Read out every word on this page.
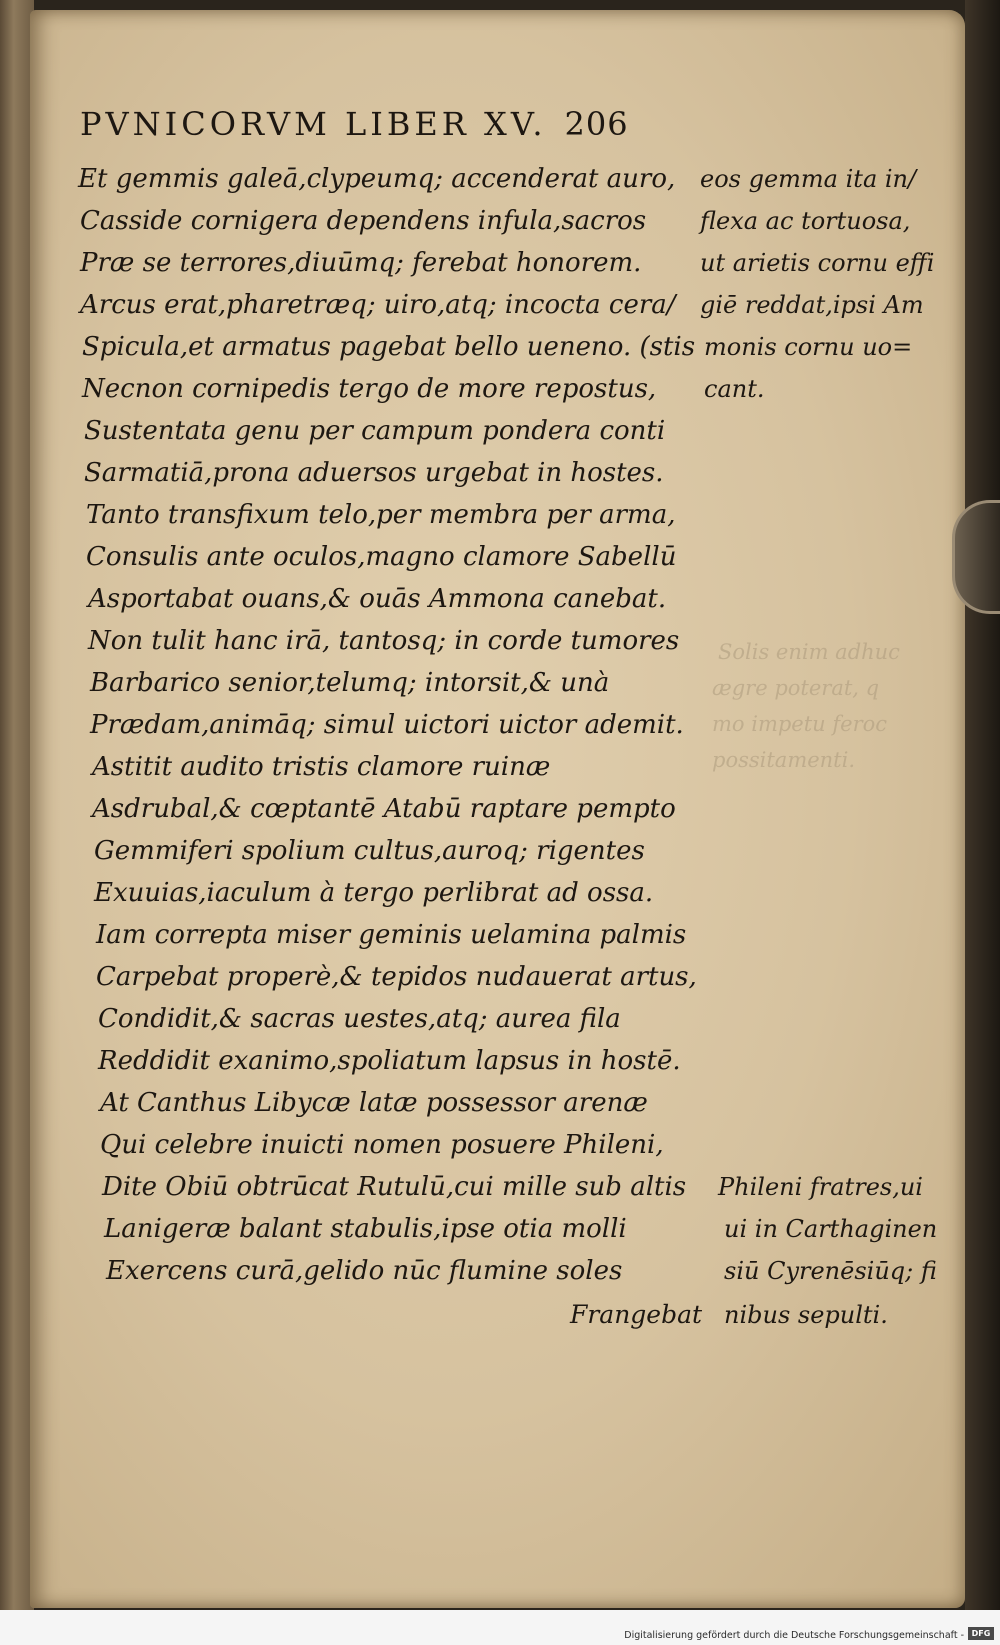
Solis enim adhuc
ægre poterat, q
mo impetu feroc
possitamenti.
PVNICORVM LIBER XV. 206
Et gemmis galeā,clypeumq; accenderat auro,
Casside cornigera dependens infula,sacros
Præ se terrores,diuūmq; ferebat honorem.
Arcus erat,pharetræq; uiro,atq; incocta cera/
Spicula,et armatus pagebat bello ueneno. (stis
Necnon cornipedis tergo de more repostus,
Sustentata genu per campum pondera conti
Sarmatiā,prona aduersos urgebat in hostes.
Tanto transfixum telo,per membra per arma,
Consulis ante oculos,magno clamore Sabellū
Asportabat ouans,& ouās Ammona canebat.
Non tulit hanc irā, tantosq; in corde tumores
Barbarico senior,telumq; intorsit,& unà
Prædam,animāq; simul uictori uictor ademit.
Astitit audito tristis clamore ruinæ
Asdrubal,& cœptantē Atabū raptare pempto
Gemmiferi spolium cultus,auroq; rigentes
Exuuias,iaculum à tergo perlibrat ad ossa.
Iam correpta miser geminis uelamina palmis
Carpebat properè,& tepidos nudauerat artus,
Condidit,& sacras uestes,atq; aurea fila
Reddidit exanimo,spoliatum lapsus in hostē.
At Canthus Libycæ latæ possessor arenæ
Qui celebre inuicti nomen posuere Phileni,
Dite Obiū obtrūcat Rutulū,cui mille sub altis
Lanigeræ balant stabulis,ipse otia molli
Exercens curā,gelido nūc flumine soles
Frangebat
eos gemma ita in/
flexa ac tortuosa,
ut arietis cornu effi
giē reddat,ipsi Am
monis cornu uo=
cant.
Phileni fratres,ui
ui in Carthaginen
siū Cyrenēsiūq; fi
nibus sepulti.
Digitalisierung gefördert durch die Deutsche Forschungsgemeinschaft - DFG
